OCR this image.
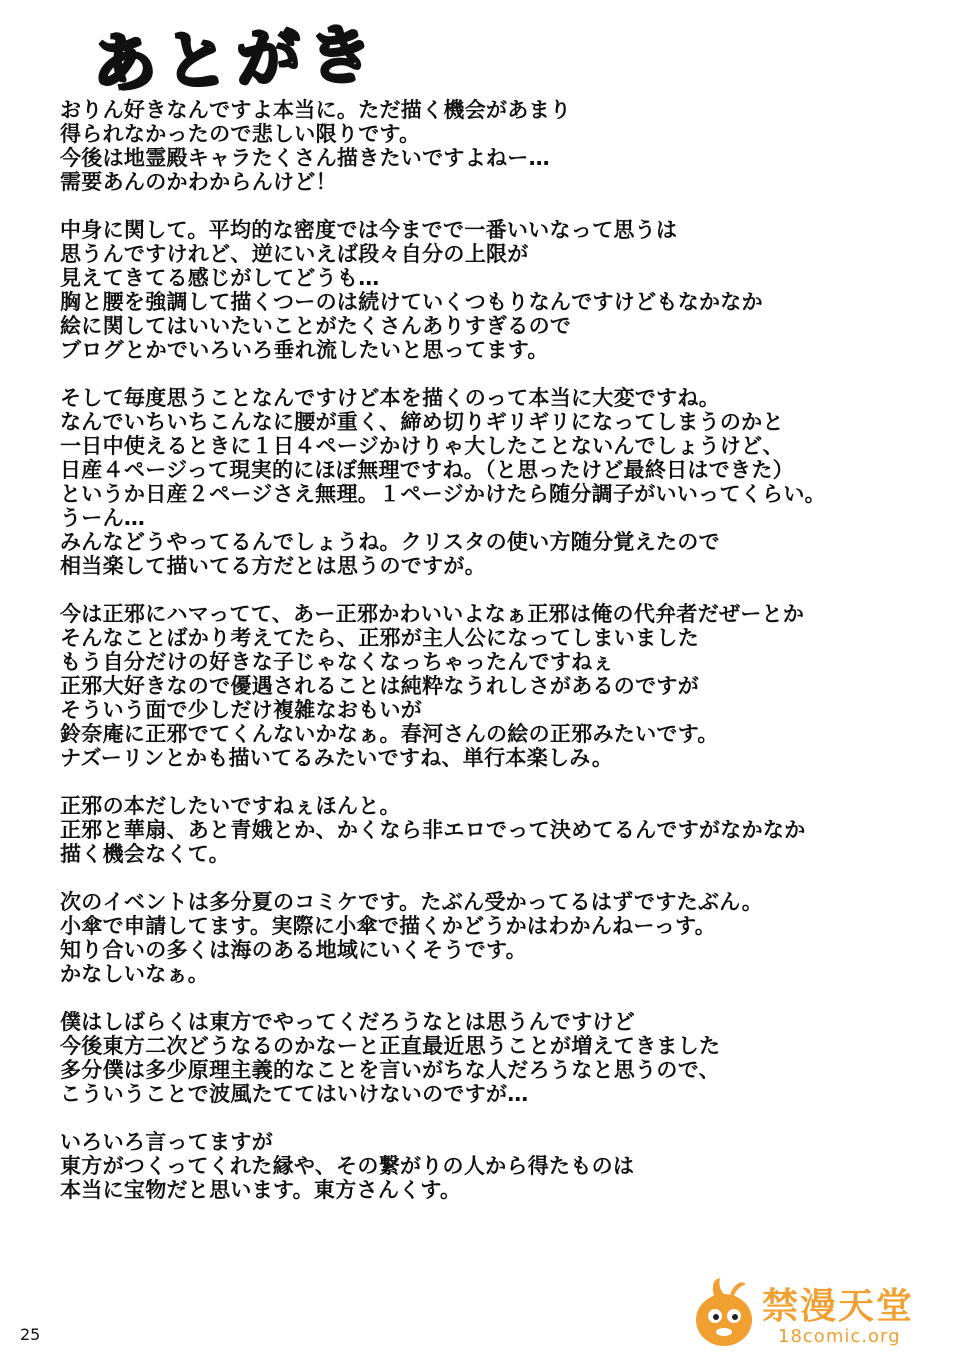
あとがき
おりん好きなんですよ本当に。ただ描く機会があまり
得られなかったので悲しい限りです。
今後は地霊殿キャラたくさん描きたいですよねー…
需要あんのかわからんけど！
中身に関して。平均的な密度では今までで一番いいなって思うは
思うんですけれど、逆にいえば段々自分の上限が
見えてきてる感じがしてどうも…
胸と腰を強調して描くつーのは続けていくつもりなんですけどもなかなか
絵に関してはいいたいことがたくさんありすぎるので
ブログとかでいろいろ垂れ流したいと思ってます。
そして毎度思うことなんですけど本を描くのって本当に大変ですね。
なんでいちいちこんなに腰が重く、締め切りギリギリになってしまうのかと
一日中使えるときに１日４ページかけりゃ大したことないんでしょうけど、
日産４ページって現実的にほぼ無理ですね。（と思ったけど最終日はできた）
というか日産２ページさえ無理。１ページかけたら随分調子がいいってくらい。
うーん…
みんなどうやってるんでしょうね。クリスタの使い方随分覚えたので
相当楽して描いてる方だとは思うのですが。
今は正邪にハマってて、あー正邪かわいいよなぁ正邪は俺の代弁者だぜーとか
そんなことばかり考えてたら、正邪が主人公になってしまいました
もう自分だけの好きな子じゃなくなっちゃったんですねぇ
正邪大好きなので優遇されることは純粋なうれしさがあるのですが
そういう面で少しだけ複雑なおもいが
鈴奈庵に正邪でてくんないかなぁ。春河さんの絵の正邪みたいです。
ナズーリンとかも描いてるみたいですね、単行本楽しみ。
正邪の本だしたいですねぇほんと。
正邪と華扇、あと青娥とか、かくなら非エロでって決めてるんですがなかなか
描く機会なくて。
次のイベントは多分夏のコミケです。たぶん受かってるはずですたぶん。
小傘で申請してます。実際に小傘で描くかどうかはわかんねーっす。
知り合いの多くは海のある地域にいくそうです。
かなしいなぁ。
僕はしばらくは東方でやってくだろうなとは思うんですけど
今後東方二次どうなるのかなーと正直最近思うことが増えてきました
多分僕は多少原理主義的なことを言いがちな人だろうなと思うので、
こういうことで波風たててはいけないのですが…
いろいろ言ってますが
東方がつくってくれた縁や、その繋がりの人から得たものは
本当に宝物だと思います。東方さんくす。
25
禁漫天堂
18comic.org
